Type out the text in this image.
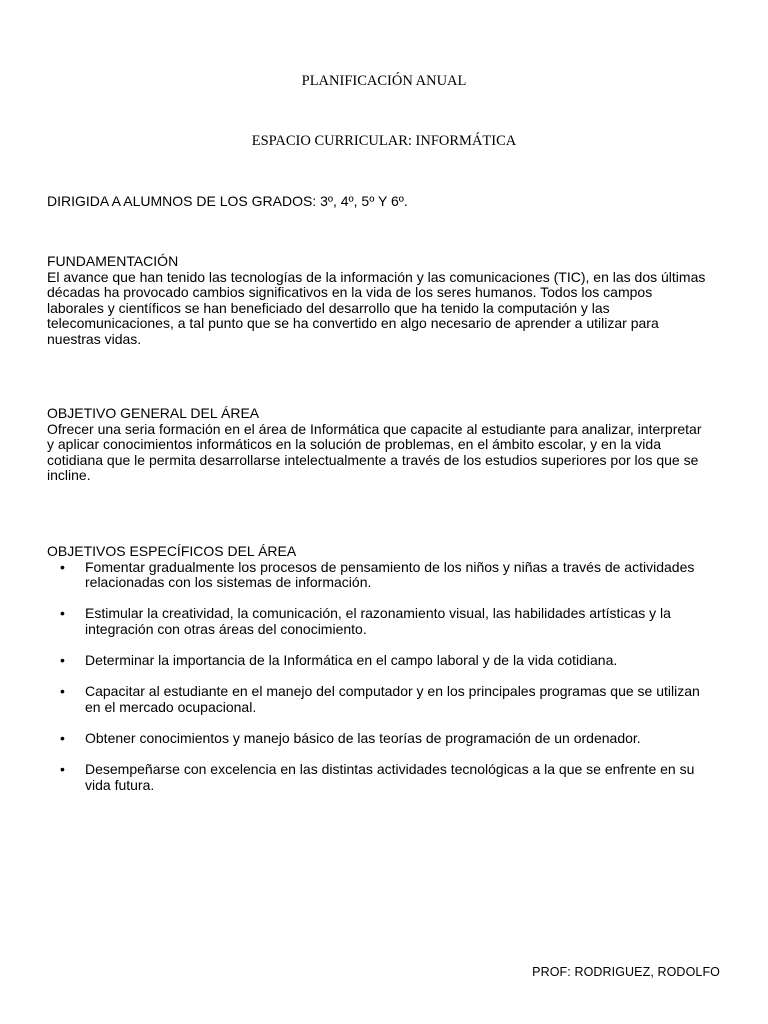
PLANIFICACIÓN ANUAL
ESPACIO CURRICULAR: INFORMÁTICA
DIRIGIDA A ALUMNOS DE LOS GRADOS: 3º, 4º, 5º Y 6º.
FUNDAMENTACIÓN
El avance que han tenido las tecnologías de la información y las comunicaciones (TIC), en las dos últimas
décadas ha provocado cambios significativos en la vida de los seres humanos. Todos los campos
laborales y científicos se han beneficiado del desarrollo que ha tenido la computación y las
telecomunicaciones, a tal punto que se ha convertido en algo necesario de aprender a utilizar para
nuestras vidas.
OBJETIVO GENERAL DEL ÁREA
Ofrecer una seria formación en el área de Informática que capacite al estudiante para analizar, interpretar
y aplicar conocimientos informáticos en la solución de problemas, en el ámbito escolar, y en la vida
cotidiana que le permita desarrollarse intelectualmente a través de los estudios superiores por los que se
incline.
OBJETIVOS ESPECÍFICOS DEL ÁREA
• Fomentar gradualmente los procesos de pensamiento de los niños y niñas a través de actividades
relacionadas con los sistemas de información.
• Estimular la creatividad, la comunicación, el razonamiento visual, las habilidades artísticas y la
integración con otras áreas del conocimiento.
• Determinar la importancia de la Informática en el campo laboral y de la vida cotidiana.
• Capacitar al estudiante en el manejo del computador y en los principales programas que se utilizan
en el mercado ocupacional.
• Obtener conocimientos y manejo básico de las teorías de programación de un ordenador.
• Desempeñarse con excelencia en las distintas actividades tecnológicas a la que se enfrente en su
vida futura.
PROF: RODRIGUEZ, RODOLFO
